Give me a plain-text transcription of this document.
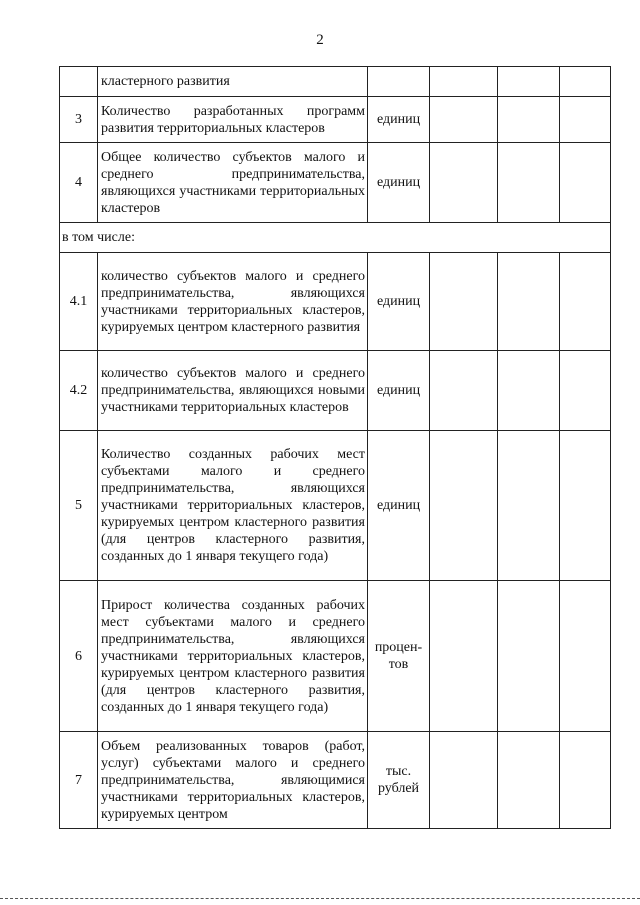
2
	кластерного развития				
3	Количество разработанных программ развития территориальных кластеров	единиц			
4	Общее количество субъектов малого и среднего предпринимательства, являющихся участниками территориальных кластеров	единиц			
в том числе:					
4.1	количество субъектов малого и среднего предпринимательства, являющихся участниками территориальных кластеров, курируемых центром кластерного развития	единиц			
4.2	количество субъектов малого и среднего предпринимательства, являющихся новыми участниками территориальных кластеров	единиц			
5	Количество созданных рабочих мест субъектами малого и среднего предпринимательства, являющихся участниками территориальных кластеров, курируемых центром кластерного развития (для центров кластерного развития, созданных до 1 января текущего года)	единиц			
6	Прирост количества созданных рабочих мест субъектами малого и среднего предпринимательства, являющихся участниками территориальных кластеров, курируемых центром кластерного развития (для центров кластерного развития, созданных до 1 января текущего года)	процен-тов			
7	Объем реализованных товаров (работ, услуг) субъектами малого и среднего предпринимательства, являющимися участниками территориальных кластеров, курируемых центром	тыс. рублей			
